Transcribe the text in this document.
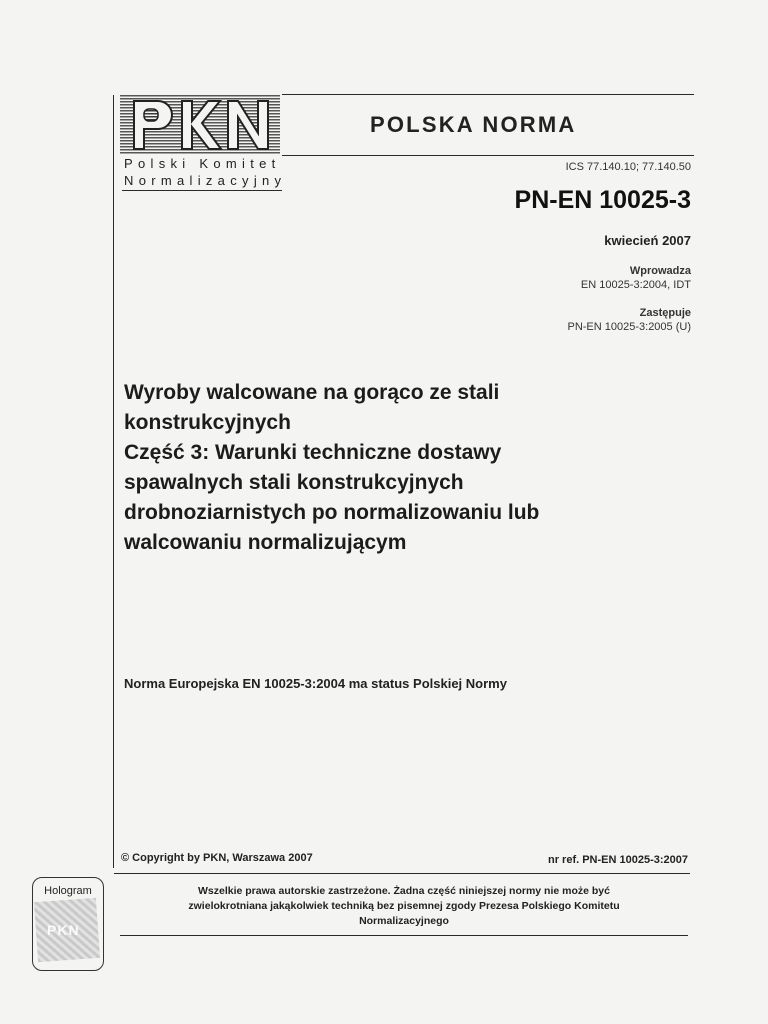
Polski Komitet
Normalizacyjny
POLSKA NORMA
ICS 77.140.10; 77.140.50
PN-EN 10025-3
kwiecień 2007
Wprowadza
EN 10025-3:2004, IDT
Zastępuje
PN-EN 10025-3:2005 (U)
Wyroby walcowane na gorąco ze stali
konstrukcyjnych
Część 3: Warunki techniczne dostawy
spawalnych stali konstrukcyjnych
drobnoziarnistych po normalizowaniu lub
walcowaniu normalizującym
Norma Europejska EN 10025-3:2004 ma status Polskiej Normy
© Copyright by PKN, Warszawa 2007	nr ref. PN-EN 10025-3:2007
Wszelkie prawa autorskie zastrzeżone. Żadna część niniejszej normy nie może być
zwielokrotniana jakąkolwiek techniką bez pisemnej zgody Prezesa Polskiego Komitetu
Normalizacyjnego
Hologram
PKN
